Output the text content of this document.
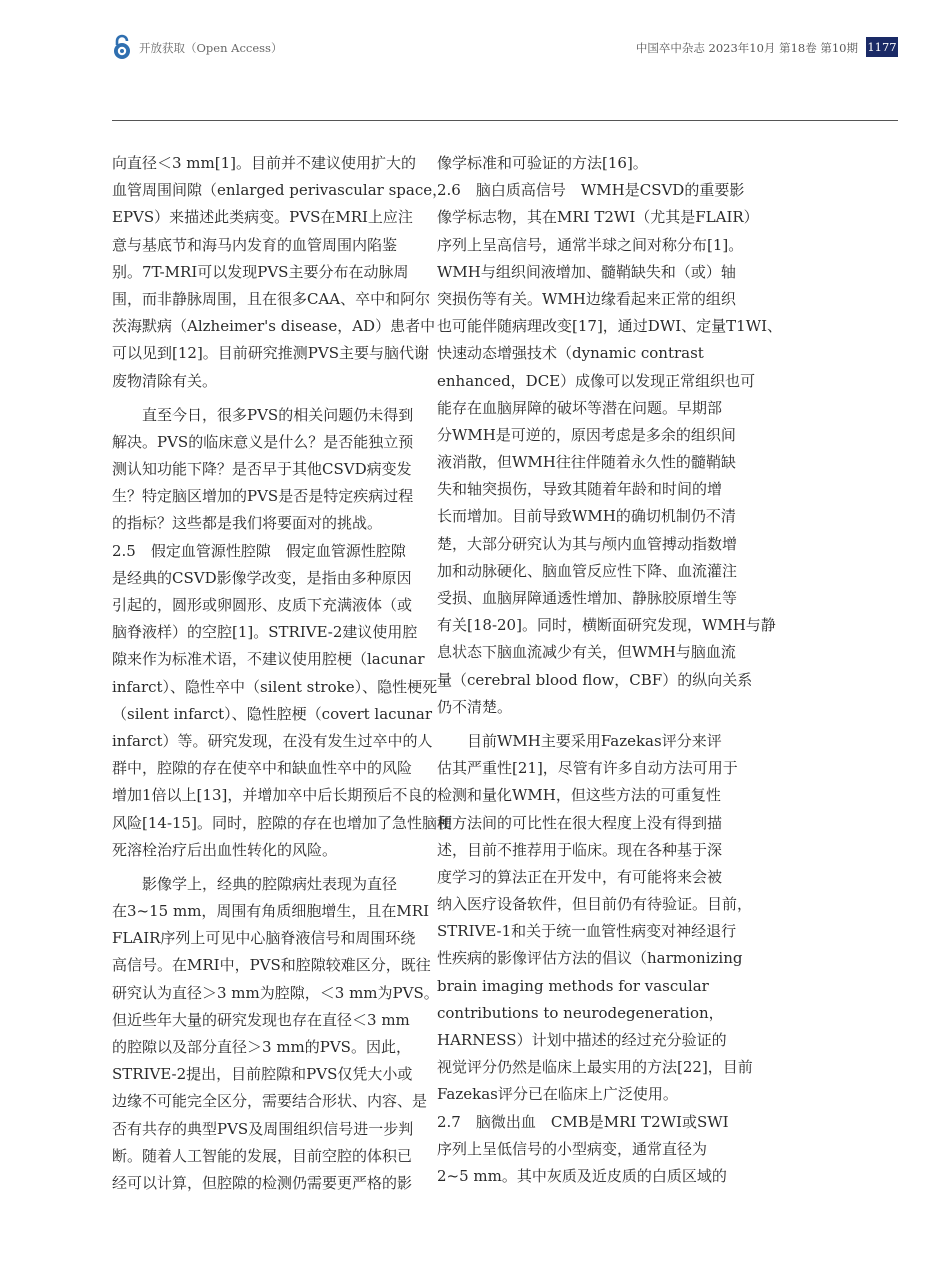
开放获取（Open Access）	中国卒中杂志 2023年10月 第18卷 第10期 1177
向直径＜3 mm[1]。目前并不建议使用扩大的
血管周围间隙（enlarged perivascular space，
EPVS）来描述此类病变。PVS在MRI上应注
意与基底节和海马内发育的血管周围内陷鉴
别。7T-MRI可以发现PVS主要分布在动脉周
围，而非静脉周围，且在很多CAA、卒中和阿尔
茨海默病（Alzheimer's disease，AD）患者中
可以见到[12]。目前研究推测PVS主要与脑代谢
废物清除有关。
直至今日，很多PVS的相关问题仍未得到
解决。PVS的临床意义是什么？是否能独立预
测认知功能下降？是否早于其他CSVD病变发
生？特定脑区增加的PVS是否是特定疾病过程
的指标？这些都是我们将要面对的挑战。
2.5　假定血管源性腔隙　假定血管源性腔隙
是经典的CSVD影像学改变，是指由多种原因
引起的，圆形或卵圆形、皮质下充满液体（或
脑脊液样）的空腔[1]。STRIVE-2建议使用腔
隙来作为标准术语，不建议使用腔梗（lacunar
infarct）、隐性卒中（silent stroke）、隐性梗死
（silent infarct）、隐性腔梗（covert lacunar
infarct）等。研究发现，在没有发生过卒中的人
群中，腔隙的存在使卒中和缺血性卒中的风险
增加1倍以上[13]，并增加卒中后长期预后不良的
风险[14-15]。同时，腔隙的存在也增加了急性脑梗
死溶栓治疗后出血性转化的风险。
影像学上，经典的腔隙病灶表现为直径
在3~15 mm，周围有角质细胞增生，且在MRI
FLAIR序列上可见中心脑脊液信号和周围环绕
高信号。在MRI中，PVS和腔隙较难区分，既往
研究认为直径＞3 mm为腔隙，＜3 mm为PVS。
但近些年大量的研究发现也存在直径＜3 mm
的腔隙以及部分直径＞3 mm的PVS。因此，
STRIVE-2提出，目前腔隙和PVS仅凭大小或
边缘不可能完全区分，需要结合形状、内容、是
否有共存的典型PVS及周围组织信号进一步判
断。随着人工智能的发展，目前空腔的体积已
经可以计算，但腔隙的检测仍需要更严格的影
像学标准和可验证的方法[16]。
2.6　脑白质高信号　WMH是CSVD的重要影
像学标志物，其在MRI T2WI（尤其是FLAIR）
序列上呈高信号，通常半球之间对称分布[1]。
WMH与组织间液增加、髓鞘缺失和（或）轴
突损伤等有关。WMH边缘看起来正常的组织
也可能伴随病理改变[17]，通过DWI、定量T1WI、
快速动态增强技术（dynamic contrast
enhanced，DCE）成像可以发现正常组织也可
能存在血脑屏障的破坏等潜在问题。早期部
分WMH是可逆的，原因考虑是多余的组织间
液消散，但WMH往往伴随着永久性的髓鞘缺
失和轴突损伤，导致其随着年龄和时间的增
长而增加。目前导致WMH的确切机制仍不清
楚，大部分研究认为其与颅内血管搏动指数增
加和动脉硬化、脑血管反应性下降、血流灌注
受损、血脑屏障通透性增加、静脉胶原增生等
有关[18-20]。同时，横断面研究发现，WMH与静
息状态下脑血流减少有关，但WMH与脑血流
量（cerebral blood flow，CBF）的纵向关系
仍不清楚。
目前WMH主要采用Fazekas评分来评
估其严重性[21]，尽管有许多自动方法可用于
检测和量化WMH，但这些方法的可重复性
和方法间的可比性在很大程度上没有得到描
述，目前不推荐用于临床。现在各种基于深
度学习的算法正在开发中，有可能将来会被
纳入医疗设备软件，但目前仍有待验证。目前，
STRIVE-1和关于统一血管性病变对神经退行
性疾病的影像评估方法的倡议（harmonizing
brain imaging methods for vascular
contributions to neurodegeneration，
HARNESS）计划中描述的经过充分验证的
视觉评分仍然是临床上最实用的方法[22]，目前
Fazekas评分已在临床上广泛使用。
2.7　脑微出血　CMB是MRI T2WI或SWI
序列上呈低信号的小型病变，通常直径为
2~5 mm。其中灰质及近皮质的白质区域的
